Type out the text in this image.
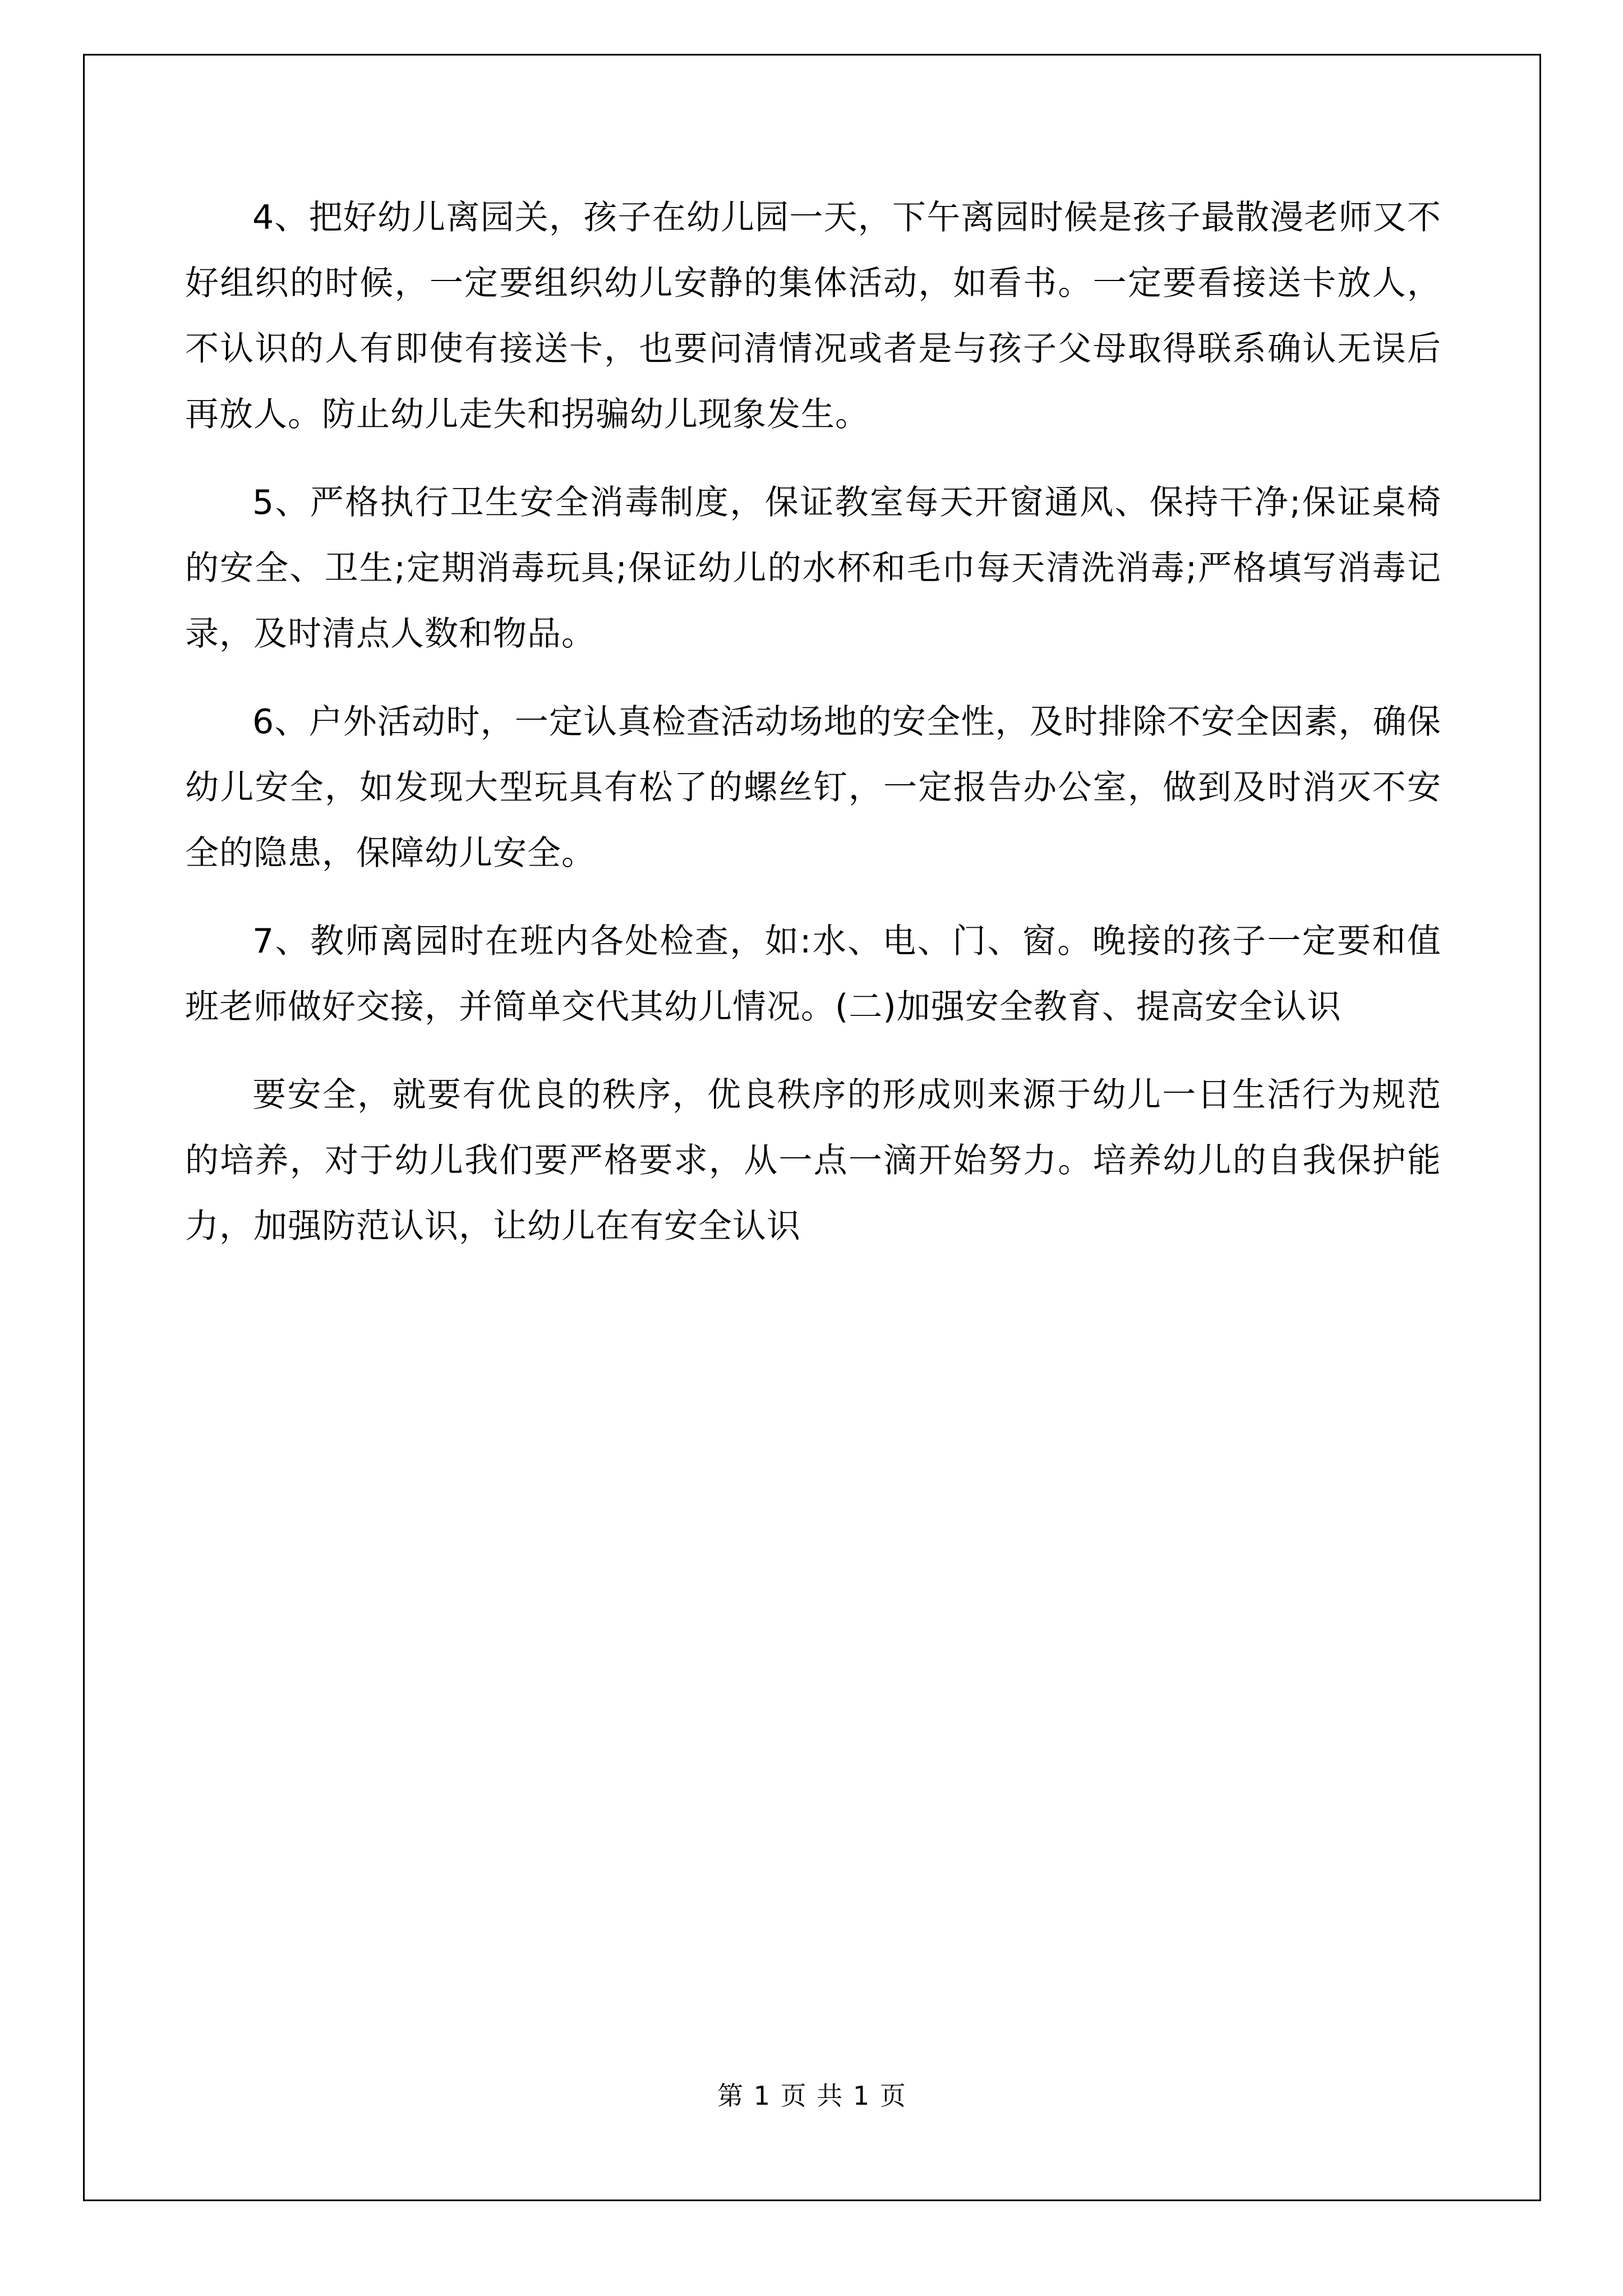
4、把好幼儿离园关，孩子在幼儿园一天，下午离园时候是孩子最散漫老师又不好组织的时候，一定要组织幼儿安静的集体活动，如看书。一定要看接送卡放人，不认识的人有即使有接送卡，也要问清情况或者是与孩子父母取得联系确认无误后再放人。防止幼儿走失和拐骗幼儿现象发生。

5、严格执行卫生安全消毒制度，保证教室每天开窗通风、保持干净;保证桌椅的安全、卫生;定期消毒玩具;保证幼儿的水杯和毛巾每天清洗消毒;严格填写消毒记录，及时清点人数和物品。

6、户外活动时，一定认真检查活动场地的安全性，及时排除不安全因素，确保幼儿安全，如发现大型玩具有松了的螺丝钉，一定报告办公室，做到及时消灭不安全的隐患，保障幼儿安全。

7、教师离园时在班内各处检查，如:水、电、门、窗。晚接的孩子一定要和值班老师做好交接，并简单交代其幼儿情况。(二)加强安全教育、提高安全认识

要安全，就要有优良的秩序，优良秩序的形成则来源于幼儿一日生活行为规范的培养，对于幼儿我们要严格要求，从一点一滴开始努力。培养幼儿的自我保护能力，加强防范认识，让幼儿在有安全认识

第 1 页 共 1 页
